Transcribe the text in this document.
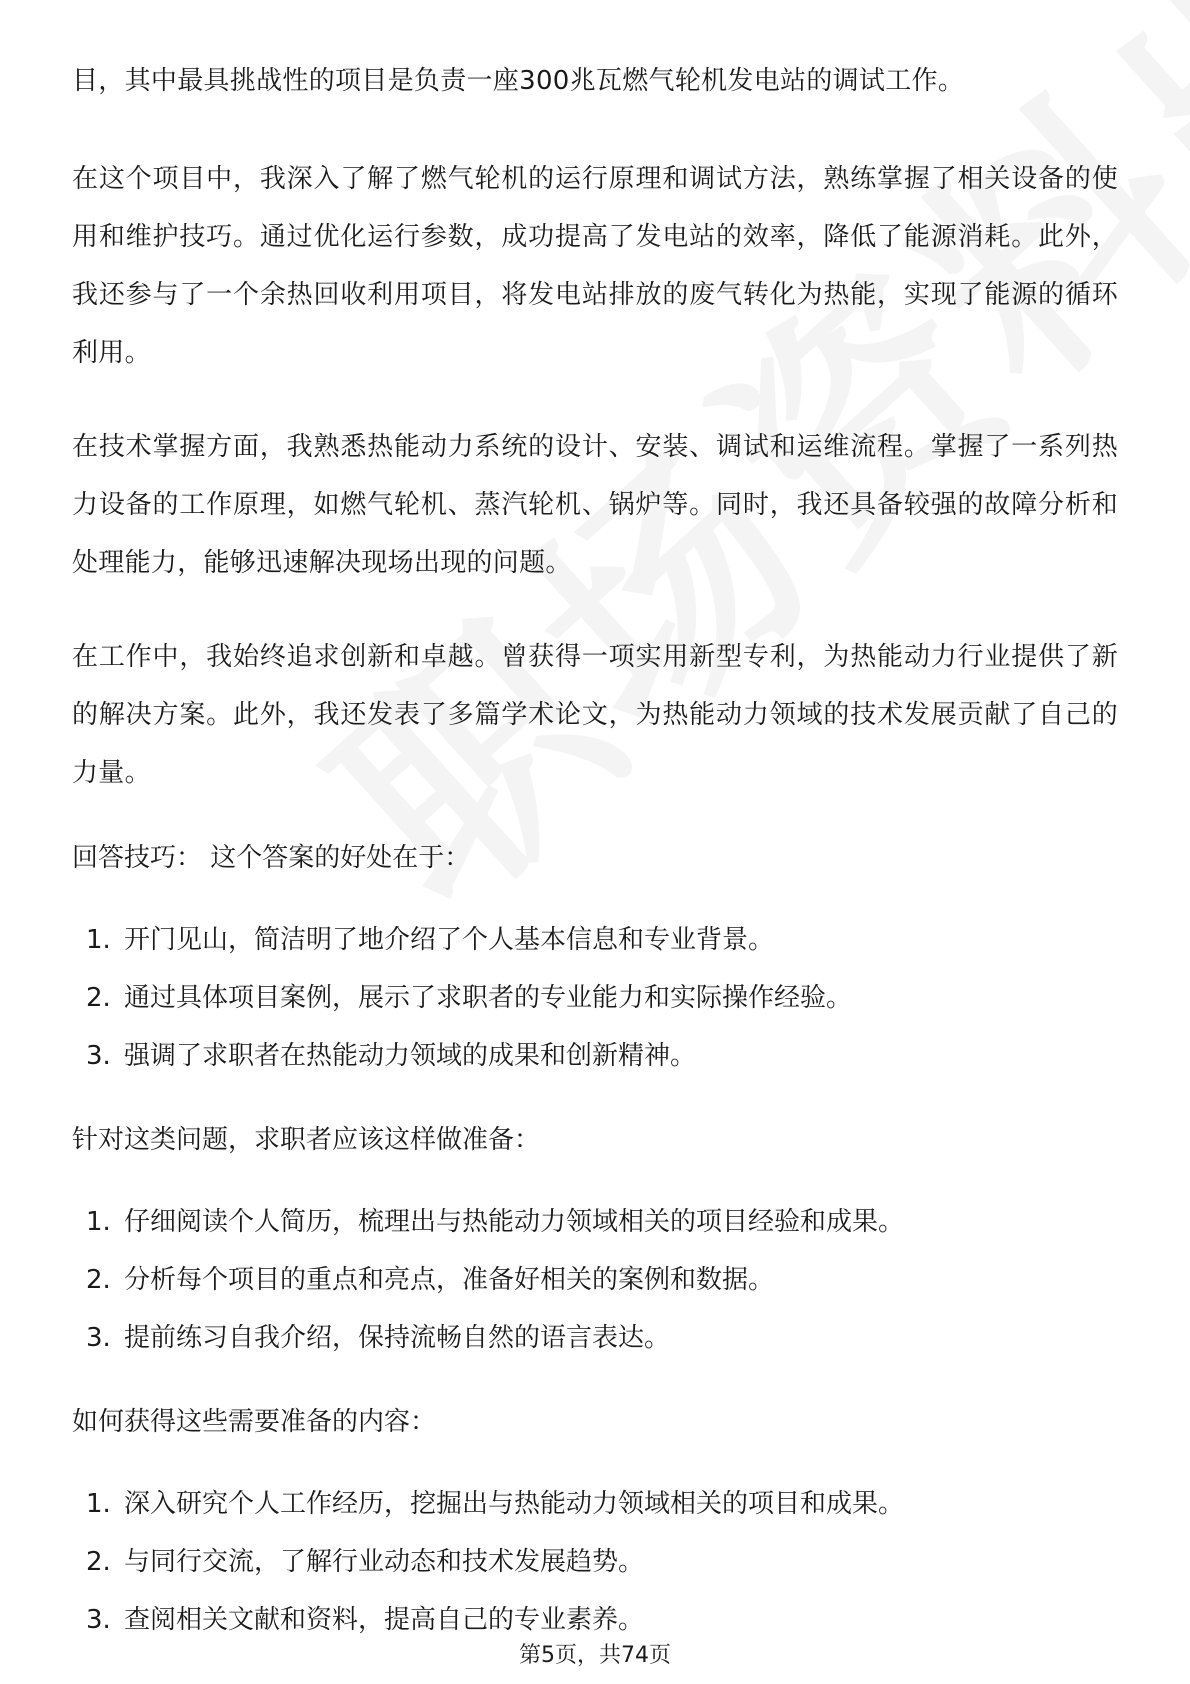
目，其中最具挑战性的项目是负责一座300兆瓦燃气轮机发电站的调试工作。

在这个项目中，我深入了解了燃气轮机的运行原理和调试方法，熟练掌握了相关设备的使用和维护技巧。通过优化运行参数，成功提高了发电站的效率，降低了能源消耗。此外，我还参与了一个余热回收利用项目，将发电站排放的废气转化为热能，实现了能源的循环利用。

在技术掌握方面，我熟悉热能动力系统的设计、安装、调试和运维流程。掌握了一系列热力设备的工作原理，如燃气轮机、蒸汽轮机、锅炉等。同时，我还具备较强的故障分析和处理能力，能够迅速解决现场出现的问题。

在工作中，我始终追求创新和卓越。曾获得一项实用新型专利，为热能动力行业提供了新的解决方案。此外，我还发表了多篇学术论文，为热能动力领域的技术发展贡献了自己的力量。

回答技巧： 这个答案的好处在于：
1. 开门见山，简洁明了地介绍了个人基本信息和专业背景。
2. 通过具体项目案例，展示了求职者的专业能力和实际操作经验。
3. 强调了求职者在热能动力领域的成果和创新精神。
针对这类问题，求职者应该这样做准备：
1. 仔细阅读个人简历，梳理出与热能动力领域相关的项目经验和成果。
2. 分析每个项目的重点和亮点，准备好相关的案例和数据。
3. 提前练习自我介绍，保持流畅自然的语言表达。
如何获得这些需要准备的内容：
1. 深入研究个人工作经历，挖掘出与热能动力领域相关的项目和成果。
2. 与同行交流，了解行业动态和技术发展趋势。
3. 查阅相关文献和资料，提高自己的专业素养。
第5页，共74页
